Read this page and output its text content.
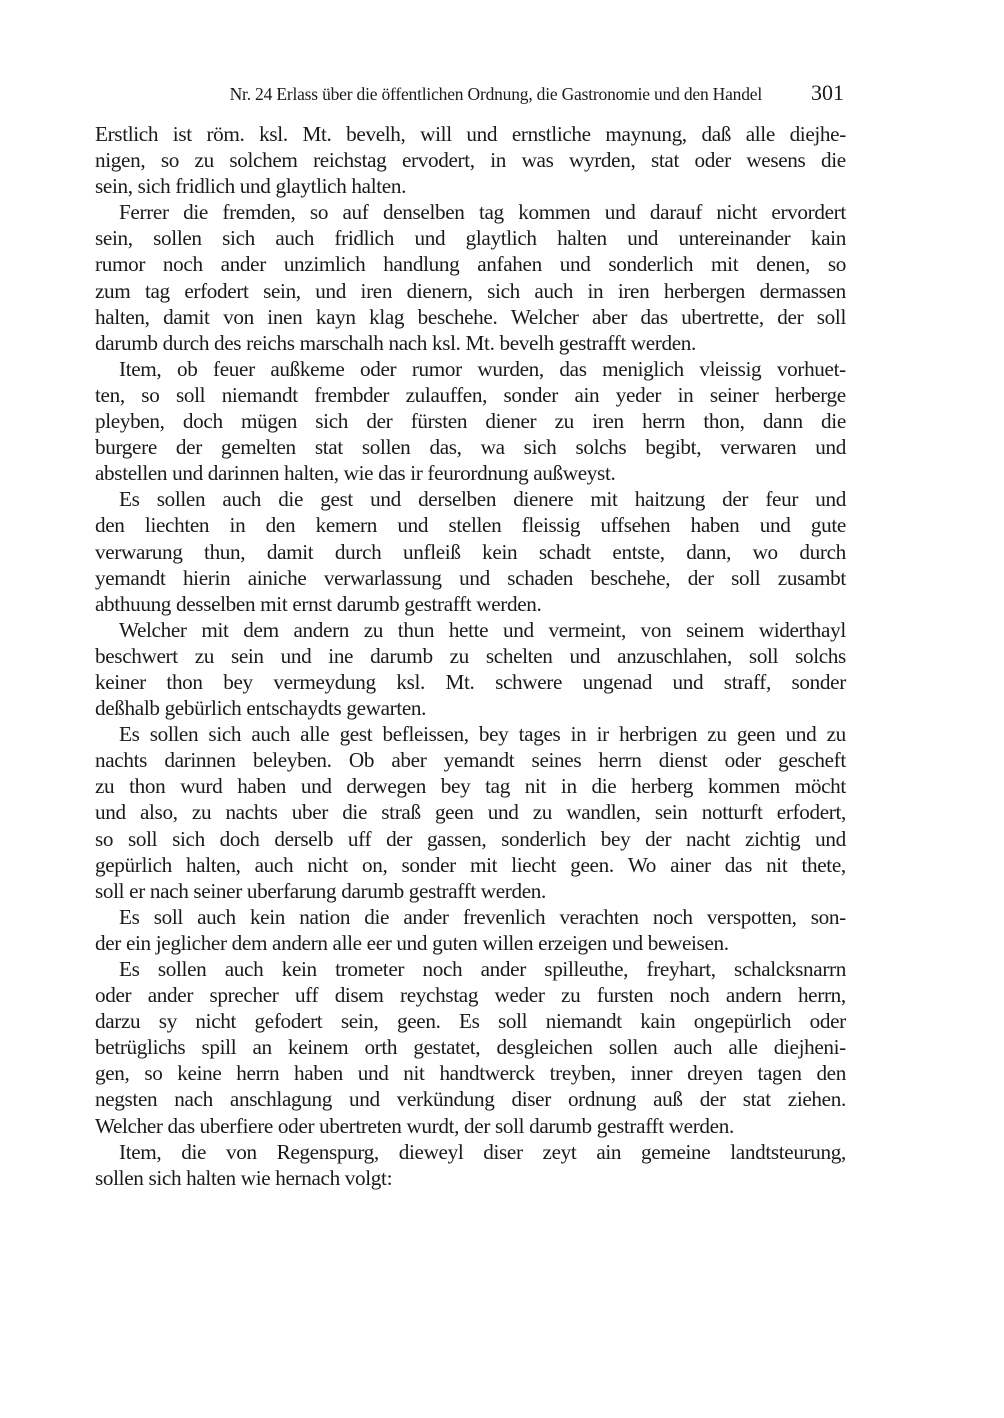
Nr. 24 Erlass über die öffentlichen Ordnung, die Gastronomie und den Handel 301
Erstlich ist röm. ksl. Mt. bevelh, will und ernstliche maynung, daß alle diejhe-
nigen, so zu solchem reichstag ervodert, in was wyrden, stat oder wesens die
sein, sich fridlich und glaytlich halten.
Ferrer die fremden, so auf denselben tag kommen und darauf nicht ervordert
sein, sollen sich auch fridlich und glaytlich halten und untereinander kain
rumor noch ander unzimlich handlung anfahen und sonderlich mit denen, so
zum tag erfodert sein, und iren dienern, sich auch in iren herbergen dermassen
halten, damit von inen kayn klag beschehe. Welcher aber das ubertrette, der soll
darumb durch des reichs marschalh nach ksl. Mt. bevelh gestrafft werden.
Item, ob feuer außkeme oder rumor wurden, das meniglich vleissig vorhuet-
ten, so soll niemandt frembder zulauffen, sonder ain yeder in seiner herberge
pleyben, doch mügen sich der fürsten diener zu iren herrn thon, dann die
burgere der gemelten stat sollen das, wa sich solchs begibt, verwaren und
abstellen und darinnen halten, wie das ir feurordnung außweyst.
Es sollen auch die gest und derselben dienere mit haitzung der feur und
den liechten in den kemern und stellen fleissig uffsehen haben und gute
verwarung thun, damit durch unfleiß kein schadt entste, dann, wo durch
yemandt hierin ainiche verwarlassung und schaden beschehe, der soll zusambt
abthuung desselben mit ernst darumb gestrafft werden.
Welcher mit dem andern zu thun hette und vermeint, von seinem widerthayl
beschwert zu sein und ine darumb zu schelten und anzuschlahen, soll solchs
keiner thon bey vermeydung ksl. Mt. schwere ungenad und straff, sonder
deßhalb gebürlich entschaydts gewarten.
Es sollen sich auch alle gest befleissen, bey tages in ir herbrigen zu geen und zu
nachts darinnen beleyben. Ob aber yemandt seines herrn dienst oder gescheft
zu thon wurd haben und derwegen bey tag nit in die herberg kommen möcht
und also, zu nachts uber die straß geen und zu wandlen, sein notturft erfodert,
so soll sich doch derselb uff der gassen, sonderlich bey der nacht zichtig und
gepürlich halten, auch nicht on, sonder mit liecht geen. Wo ainer das nit thete,
soll er nach seiner uberfarung darumb gestrafft werden.
Es soll auch kein nation die ander frevenlich verachten noch verspotten, son-
der ein jeglicher dem andern alle eer und guten willen erzeigen und beweisen.
Es sollen auch kein trometer noch ander spilleuthe, freyhart, schalcksnarrn
oder ander sprecher uff disem reychstag weder zu fursten noch andern herrn,
darzu sy nicht gefodert sein, geen. Es soll niemandt kain ongepürlich oder
betrüglichs spill an keinem orth gestatet, desgleichen sollen auch alle diejheni-
gen, so keine herrn haben und nit handtwerck treyben, inner dreyen tagen den
negsten nach anschlagung und verkündung diser ordnung auß der stat ziehen.
Welcher das uberfiere oder ubertreten wurdt, der soll darumb gestrafft werden.
Item, die von Regenspurg, dieweyl diser zeyt ain gemeine landtsteurung,
sollen sich halten wie hernach volgt:
